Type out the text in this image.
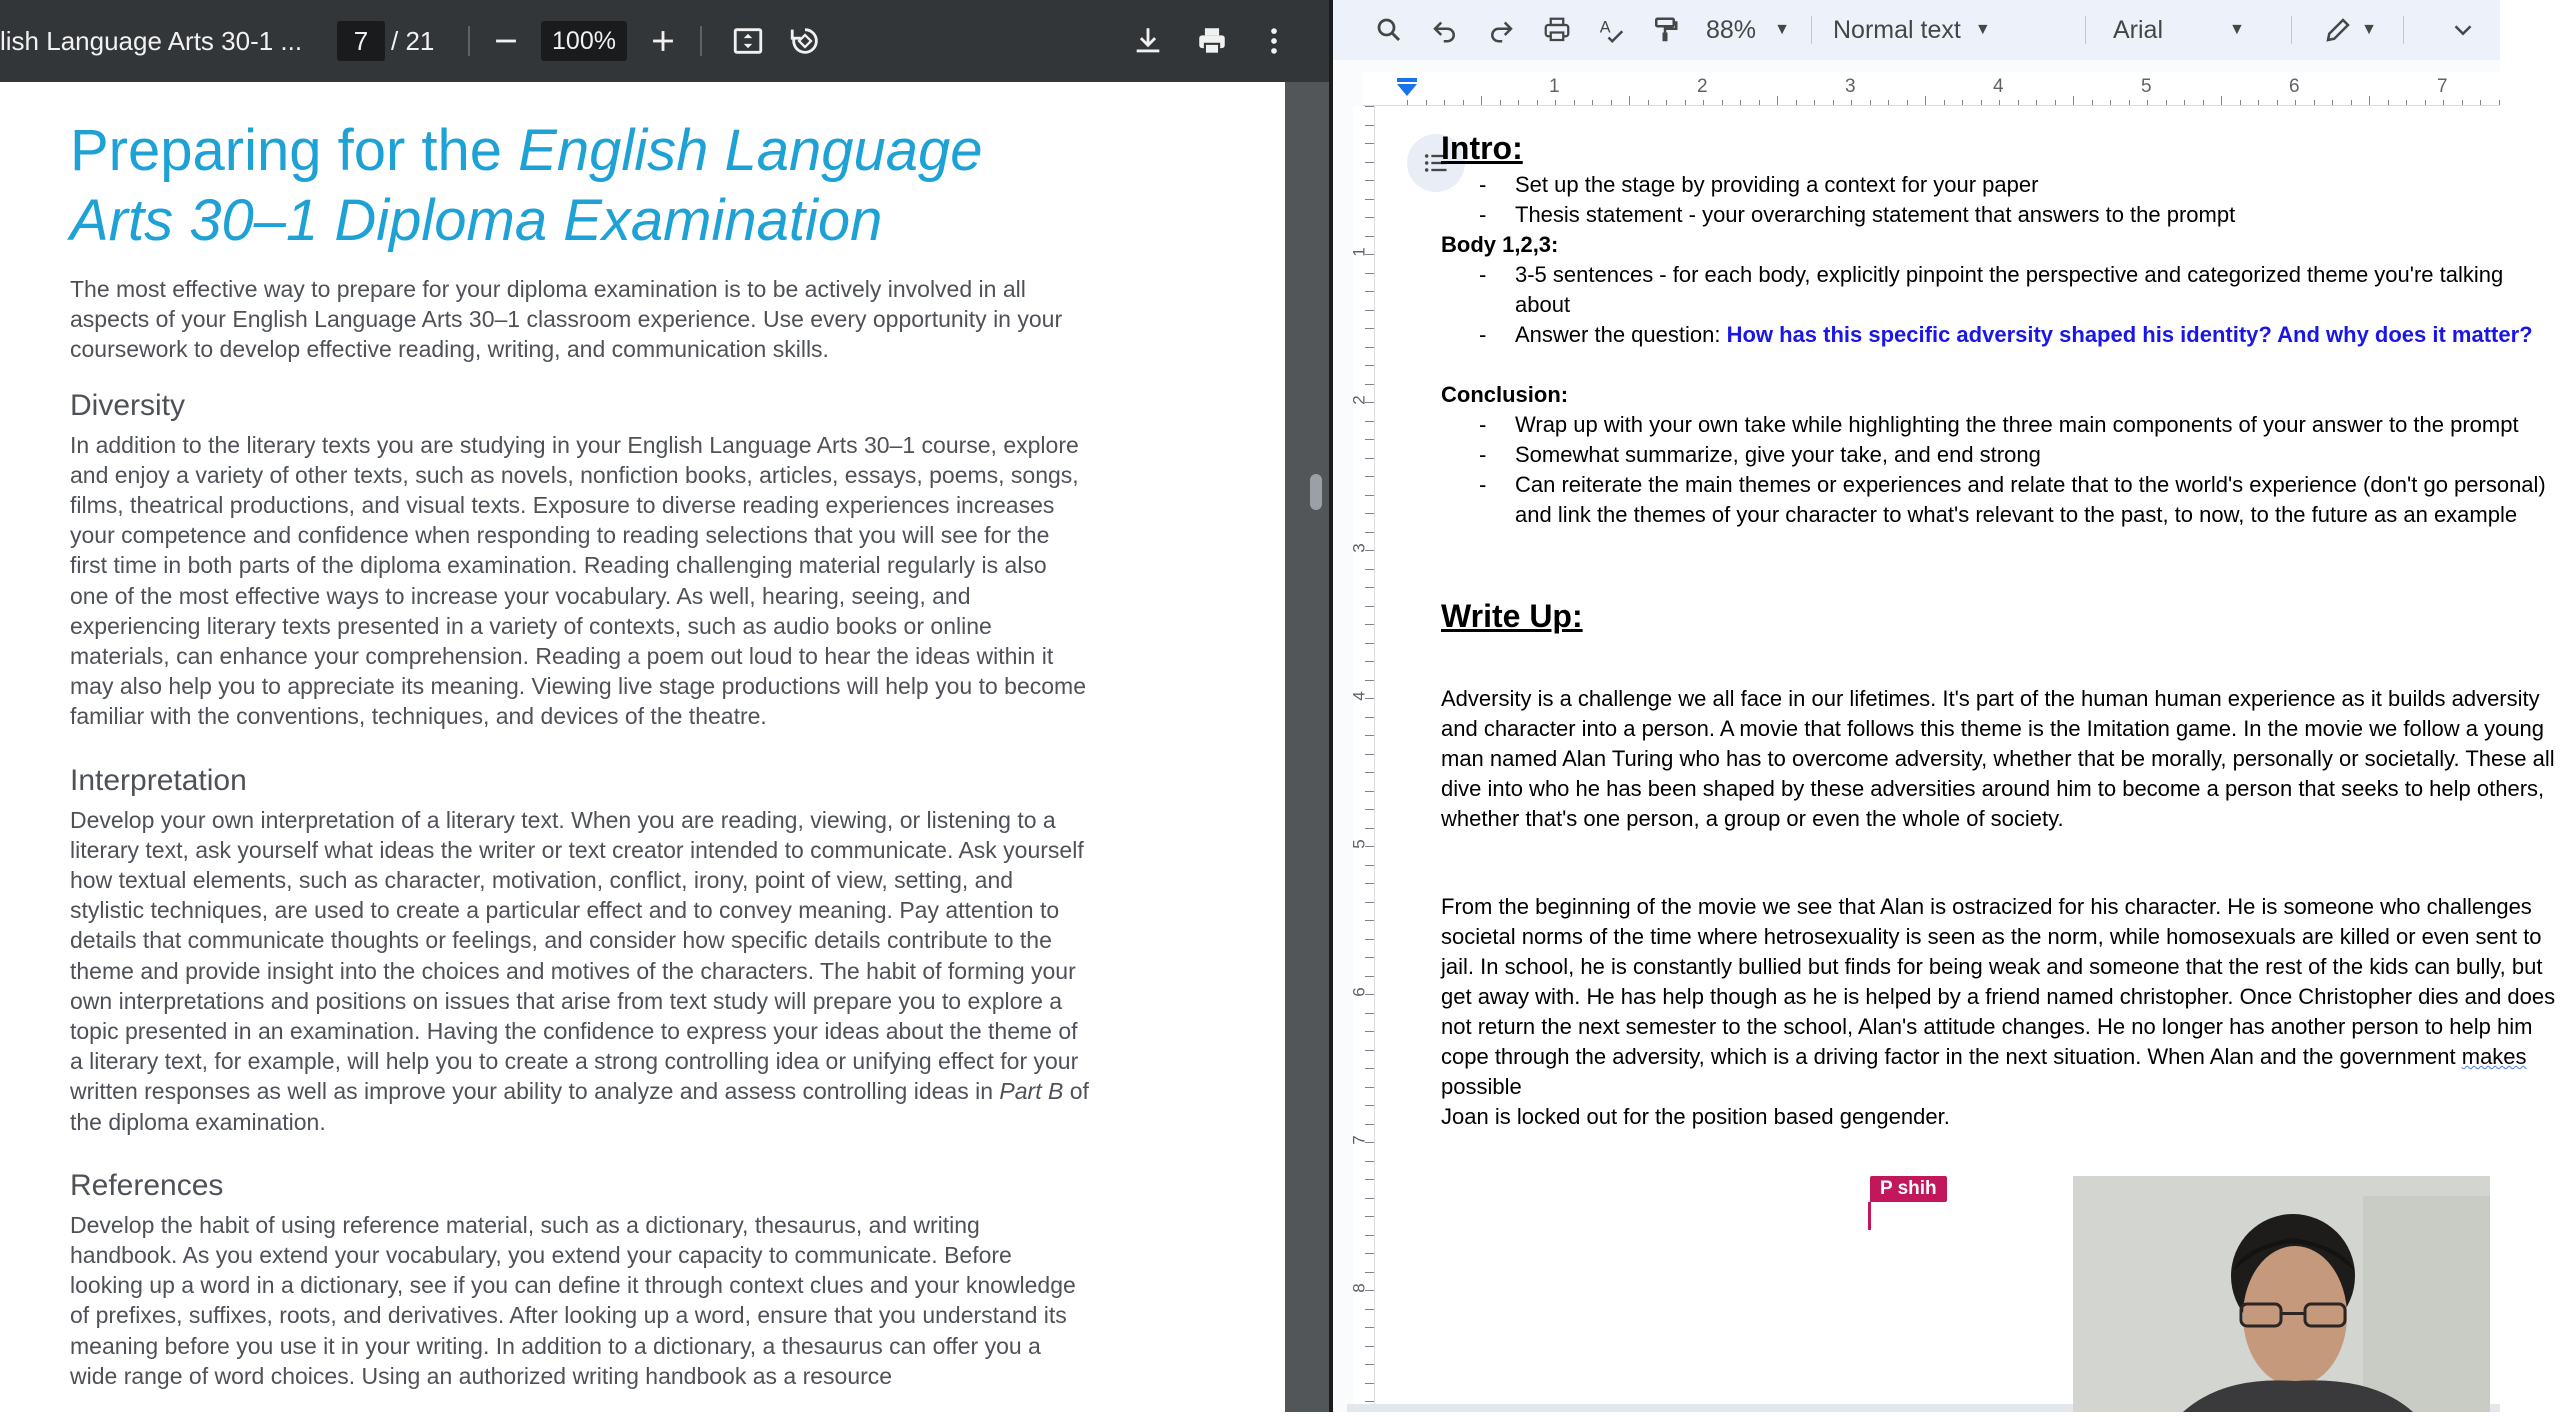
lish Language Arts 30-1 ...	7 / 21	100%
Preparing for the English Language
Arts 30–1 Diploma Examination

The most effective way to prepare for your diploma examination is to be actively involved in all aspects of your English Language Arts 30–1 classroom experience. Use every opportunity in your coursework to develop effective reading, writing, and communication skills.

Diversity

In addition to the literary texts you are studying in your English Language Arts 30–1 course, explore and enjoy a variety of other texts, such as novels, nonfiction books, articles, essays, poems, songs, films, theatrical productions, and visual texts. Exposure to diverse reading experiences increases your competence and confidence when responding to reading selections that you will see for the first time in both parts of the diploma examination. Reading challenging material regularly is also one of the most effective ways to increase your vocabulary. As well, hearing, seeing, and experiencing literary texts presented in a variety of contexts, such as audio books or online materials, can enhance your comprehension. Reading a poem out loud to hear the ideas within it may also help you to appreciate its meaning. Viewing live stage productions will help you to become familiar with the conventions, techniques, and devices of the theatre.

Interpretation

Develop your own interpretation of a literary text. When you are reading, viewing, or listening to a literary text, ask yourself what ideas the writer or text creator intended to communicate. Ask yourself how textual elements, such as character, motivation, conflict, irony, point of view, setting, and stylistic techniques, are used to create a particular effect and to convey meaning. Pay attention to details that communicate thoughts or feelings, and consider how specific details contribute to the theme and provide insight into the choices and motives of the characters. The habit of forming your own interpretations and positions on issues that arise from text study will prepare you to explore a topic presented in an examination. Having the confidence to express your ideas about the theme of a literary text, for example, will help you to create a strong controlling idea or unifying effect for your written responses as well as improve your ability to analyze and assess controlling ideas in Part B of the diploma examination.

References

Develop the habit of using reference material, such as a dictionary, thesaurus, and writing handbook. As you extend your vocabulary, you extend your capacity to communicate. Before looking up a word in a dictionary, see if you can define it through context clues and your knowledge of prefixes, suffixes, roots, and derivatives. After looking up a word, ensure that you understand its meaning before you use it in your writing. In addition to a dictionary, a thesaurus can offer you a wide range of word choices. Using an authorized writing handbook as a resource

A	88% ▼ Normal text ▼	Arial	▼	▼
1	2	3	4	5	6	7
1
2
3
4
5
6
7
8
Intro:
- Set up the stage by providing a context for your paper
- Thesis statement - your overarching statement that answers to the prompt
Body 1,2,3:
- 3-5 sentences - for each body, explicitly pinpoint the perspective and categorized theme you're talking about
- Answer the question: How has this specific adversity shaped his identity? And why does it matter?
Conclusion:
- Wrap up with your own take while highlighting the three main components of your answer to the prompt
- Somewhat summarize, give your take, and end strong
- Can reiterate the main themes or experiences and relate that to the world's experience (don't go personal) and link the themes of your character to what's relevant to the past, to now, to the future as an example
Write Up:

Adversity is a challenge we all face in our lifetimes. It's part of the human human experience as it builds adversity and character into a person. A movie that follows this theme is the Imitation game. In the movie we follow a young man named Alan Turing who has to overcome adversity, whether that be morally, personally or societally. These all dive into who he has been shaped by these adversities around him to become a person that seeks to help others, whether that's one person, a group or even the whole of society.

From the beginning of the movie we see that Alan is ostracized for his character. He is someone who challenges societal norms of the time where hetrosexuality is seen as the norm, while homosexuals are killed or even sent to jail. In school, he is constantly bullied but finds for being weak and someone that the rest of the kids can bully, but get away with. He has help though as he is helped by a friend named christopher. Once Christopher dies and does not return the next semester to the school, Alan's attitude changes. He no longer has another person to help him cope through the adversity, which is a driving factor in the next situation. When Alan and the government makes possible
Joan is locked out for the position based gengender.

P shih
